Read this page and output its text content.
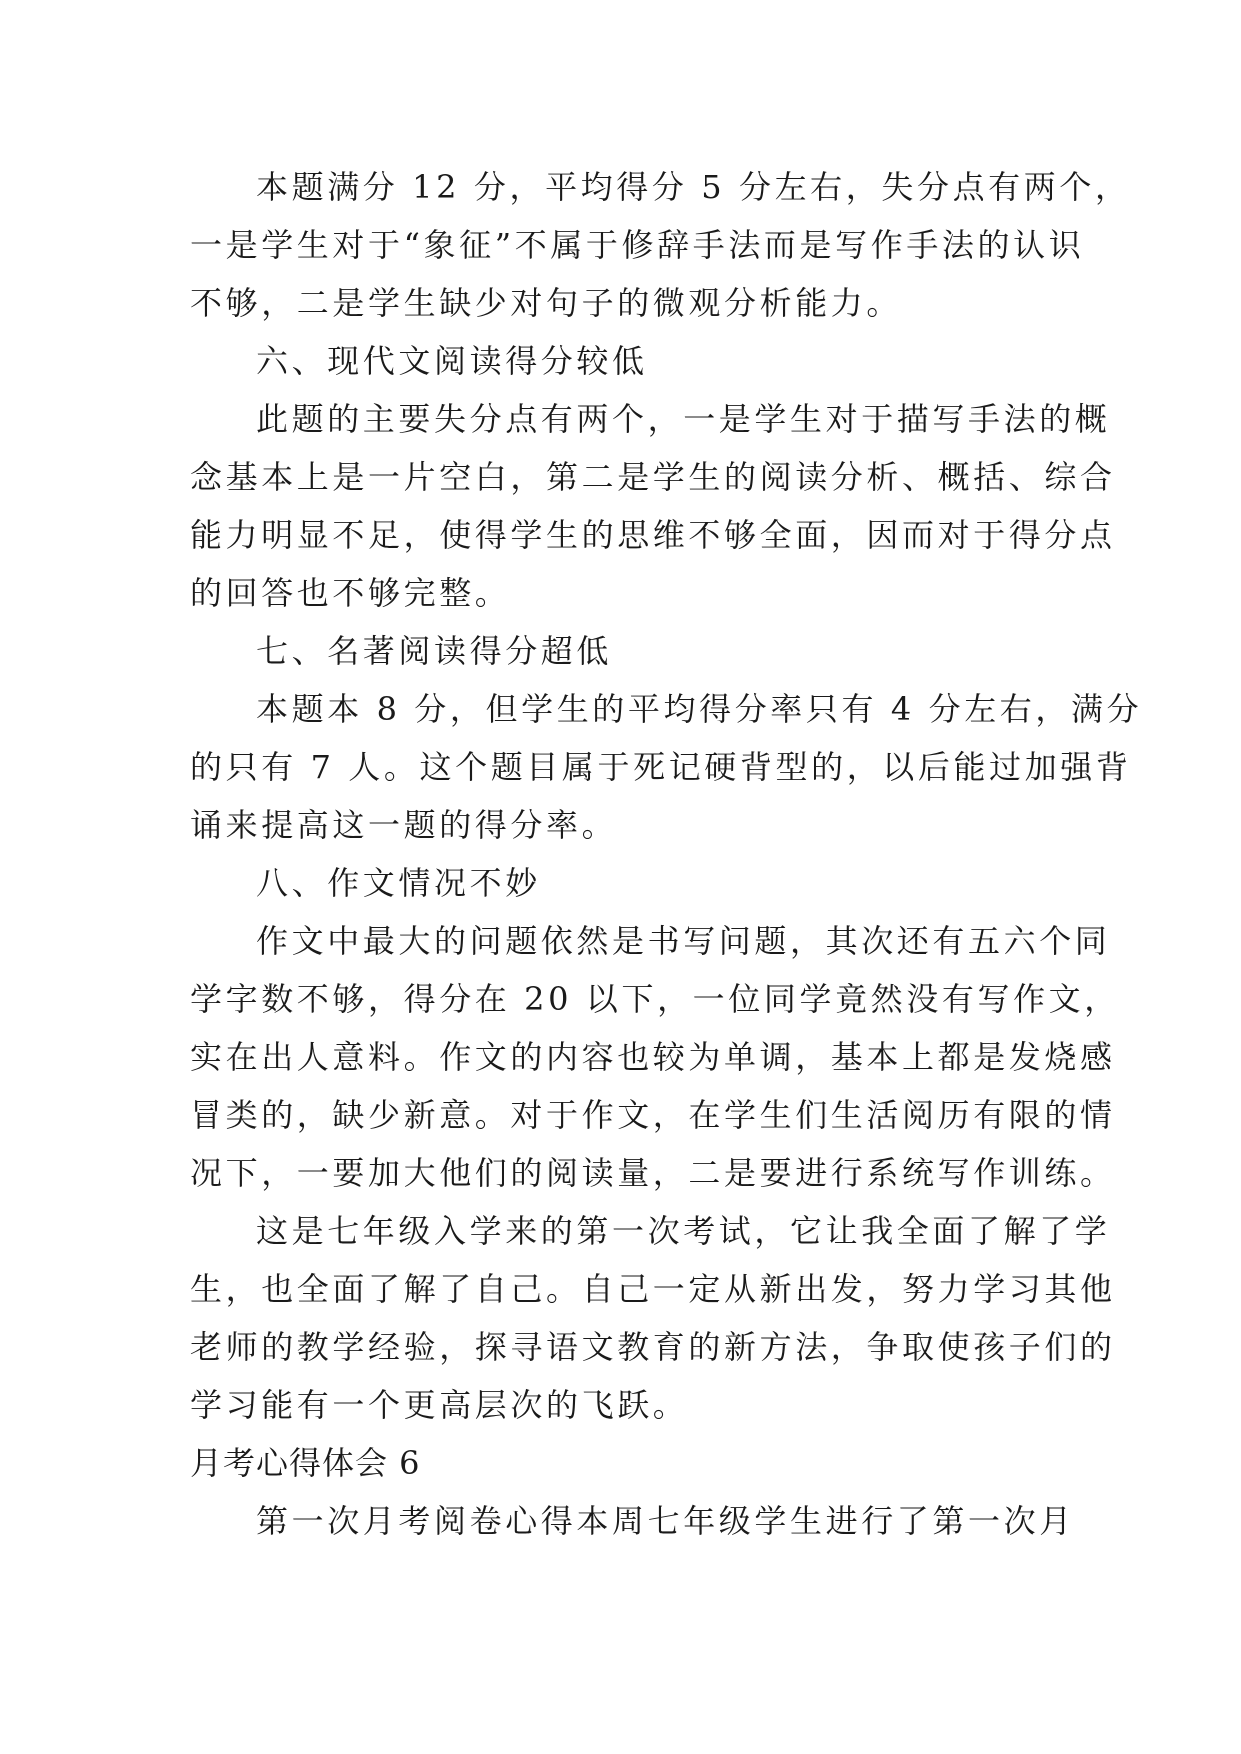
本题满分 12 分，平均得分 5 分左右，失分点有两个，
一是学生对于“象征”不属于修辞手法而是写作手法的认识
不够，二是学生缺少对句子的微观分析能力。
六、现代文阅读得分较低
此题的主要失分点有两个，一是学生对于描写手法的概
念基本上是一片空白，第二是学生的阅读分析、概括、综合
能力明显不足，使得学生的思维不够全面，因而对于得分点
的回答也不够完整。
七、名著阅读得分超低
本题本 8 分，但学生的平均得分率只有 4 分左右，满分
的只有 7 人。这个题目属于死记硬背型的，以后能过加强背
诵来提高这一题的得分率。
八、作文情况不妙
作文中最大的问题依然是书写问题，其次还有五六个同
学字数不够，得分在 20 以下，一位同学竟然没有写作文，
实在出人意料。作文的内容也较为单调，基本上都是发烧感
冒类的，缺少新意。对于作文，在学生们生活阅历有限的情
况下，一要加大他们的阅读量，二是要进行系统写作训练。
这是七年级入学来的第一次考试，它让我全面了解了学
生，也全面了解了自己。自己一定从新出发，努力学习其他
老师的教学经验，探寻语文教育的新方法，争取使孩子们的
学习能有一个更高层次的飞跃。
月考心得体会 6
第一次月考阅卷心得本周七年级学生进行了第一次月
